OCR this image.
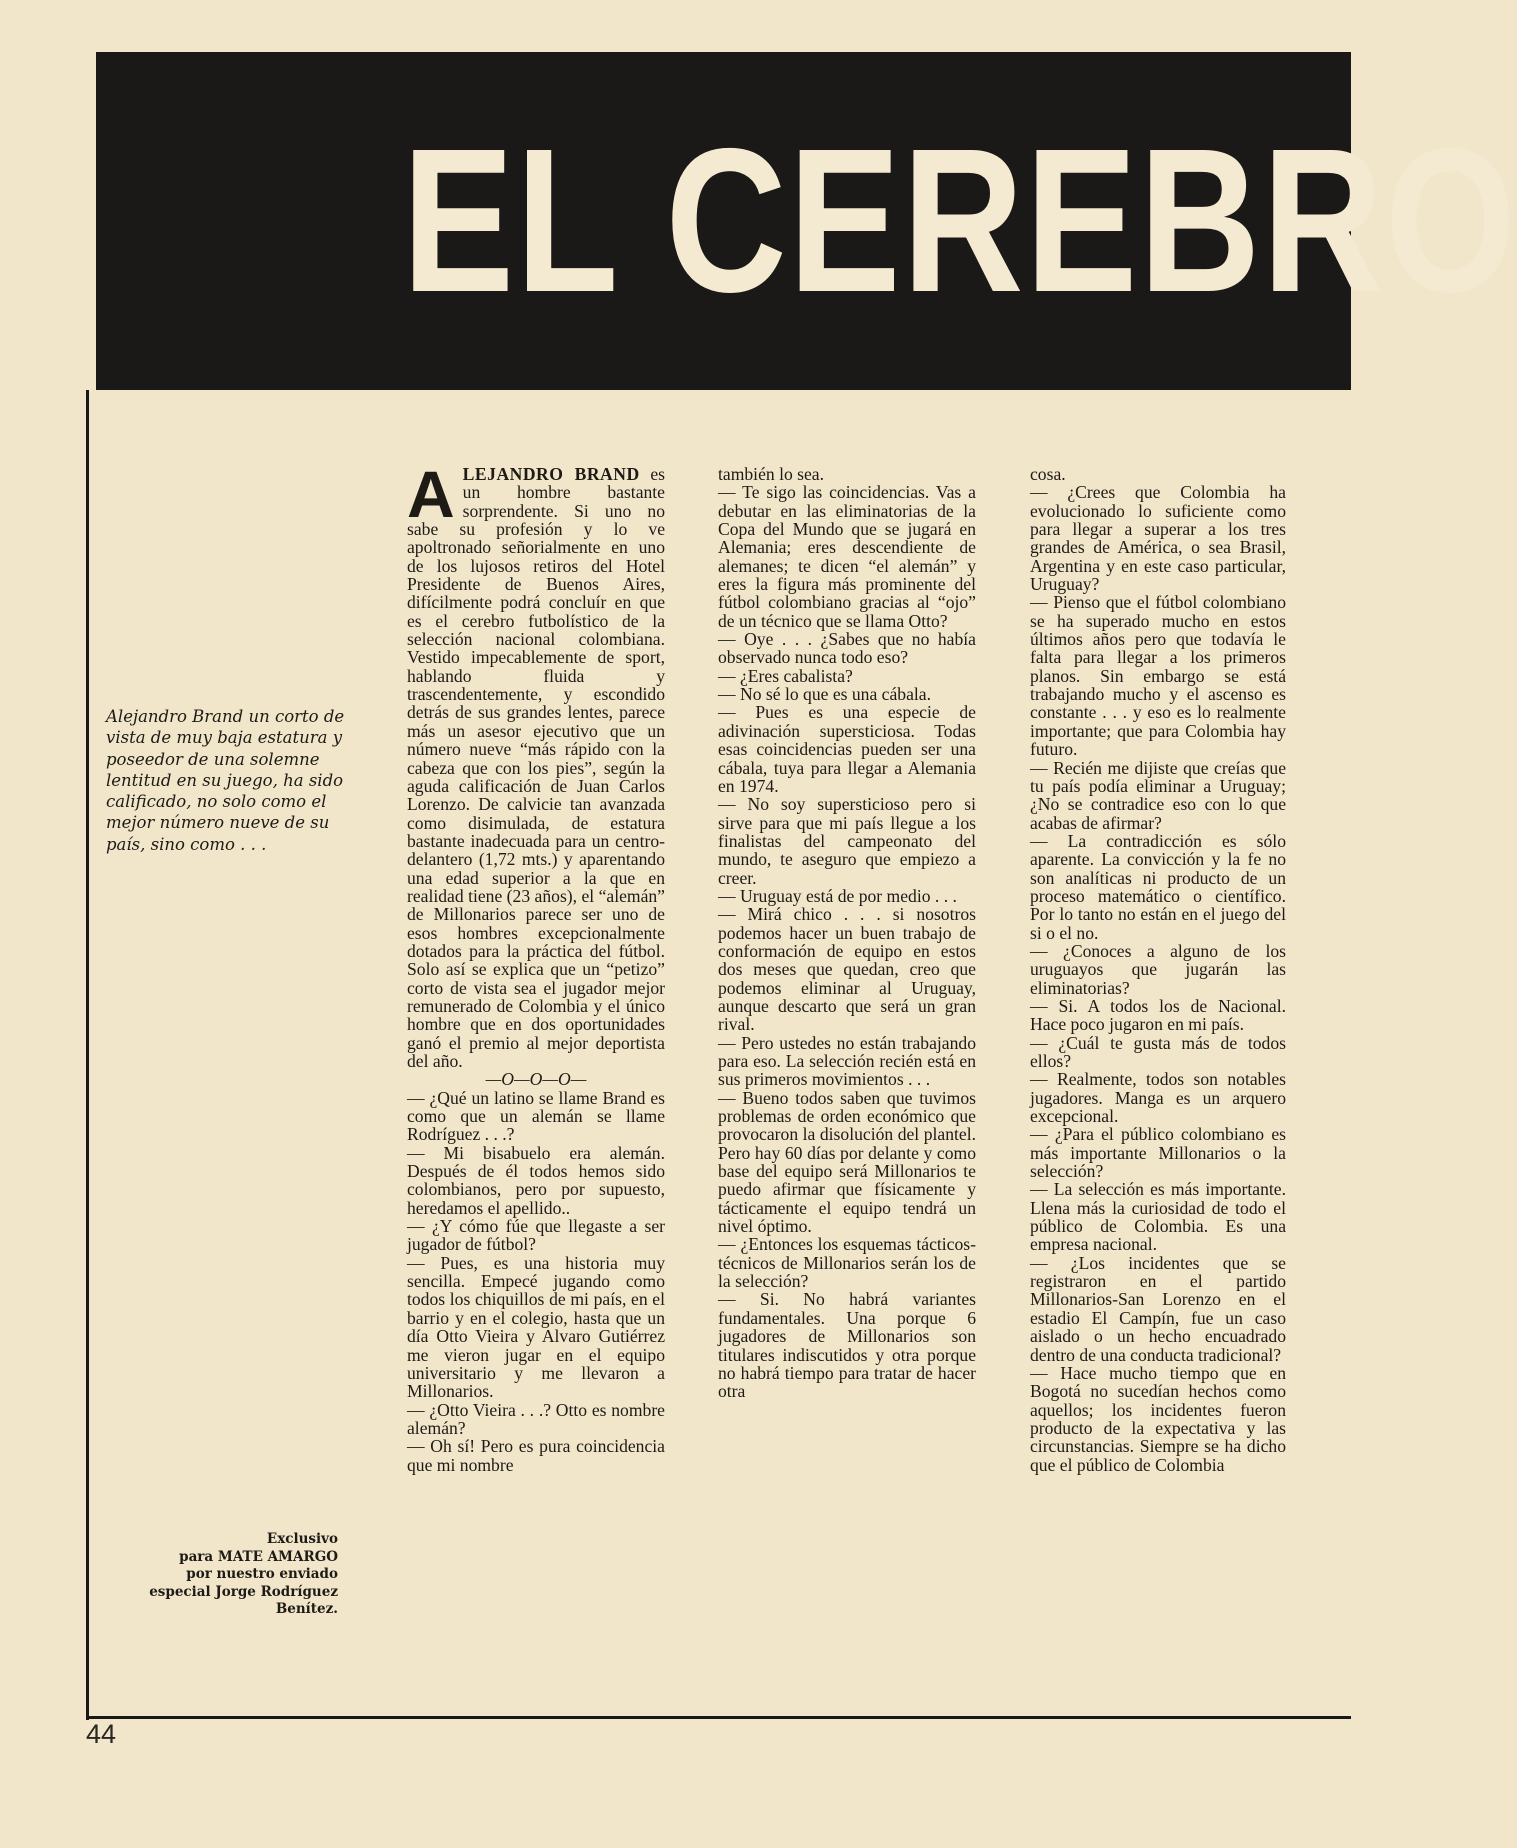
EL CEREBRO
Alejandro Brand un corto de vista de muy baja estatura y poseedor de una solemne lentitud en su juego, ha sido calificado, no solo como el mejor número nueve de su país, sino como . . .
Exclusivo
para MATE AMARGO
por nuestro enviado
especial Jorge Rodríguez
Benítez.

ALEJANDRO BRAND es un hombre bastante sorprendente. Si uno no sabe su profesión y lo ve apoltronado señorialmente en uno de los lujosos retiros del Hotel Presidente de Buenos Aires, difícilmente podrá concluír en que es el cerebro futbolístico de la selección nacional colombiana. Vestido impecablemente de sport, hablando fluida y trascendentemente, y escondido detrás de sus grandes lentes, parece más un asesor ejecutivo que un número nueve “más rápido con la cabeza que con los pies”, según la aguda calificación de Juan Carlos Lorenzo. De calvicie tan avanzada como disimulada, de estatura bastante inadecuada para un centro-delantero (1,72 mts.) y aparentando una edad superior a la que en realidad tiene (23 años), el “alemán” de Millonarios parece ser uno de esos hombres excepcionalmente dotados para la práctica del fútbol. Solo así se explica que un “petizo” corto de vista sea el jugador mejor remunerado de Colombia y el único hombre que en dos oportunidades ganó el premio al mejor deportista del año.

—O—O—O—

— ¿Qué un latino se llame Brand es como que un alemán se llame Rodríguez . . .?

— Mi bisabuelo era alemán. Después de él todos hemos sido colombianos, pero por supuesto, heredamos el apellido..

— ¿Y cómo fúe que llegaste a ser jugador de fútbol?

— Pues, es una historia muy sencilla. Empecé jugando como todos los chiquillos de mi país, en el barrio y en el colegio, hasta que un día Otto Vieira y Alvaro Gutiérrez me vieron jugar en el equipo universitario y me llevaron a Millonarios.

— ¿Otto Vieira . . .? Otto es nombre alemán?

— Oh sí! Pero es pura coincidencia que mi nombre

también lo sea.

— Te sigo las coincidencias. Vas a debutar en las eliminatorias de la Copa del Mundo que se jugará en Alemania; eres descendiente de alemanes; te dicen “el alemán” y eres la figura más prominente del fútbol colombiano gracias al “ojo” de un técnico que se llama Otto?

— Oye . . . ¿Sabes que no había observado nunca todo eso?

— ¿Eres cabalista?

— No sé lo que es una cábala.

— Pues es una especie de adivinación supersticiosa. Todas esas coincidencias pueden ser una cábala, tuya para llegar a Alemania en 1974.

— No soy supersticioso pero si sirve para que mi país llegue a los finalistas del campeonato del mundo, te aseguro que empiezo a creer.

— Uruguay está de por medio . . .

— Mirá chico . . . si nosotros podemos hacer un buen trabajo de conformación de equipo en estos dos meses que quedan, creo que podemos eliminar al Uruguay, aunque descarto que será un gran rival.

— Pero ustedes no están trabajando para eso. La selección recién está en sus primeros movimientos . . .

— Bueno todos saben que tuvimos problemas de orden económico que provocaron la disolución del plantel. Pero hay 60 días por delante y como base del equipo será Millonarios te puedo afirmar que físicamente y tácticamente el equipo tendrá un nivel óptimo.

— ¿Entonces los esquemas tácticos-técnicos de Millonarios serán los de la selección?

— Si. No habrá variantes fundamentales. Una porque 6 jugadores de Millonarios son titulares indiscutidos y otra porque no habrá tiempo para tratar de hacer otra

cosa.

— ¿Crees que Colombia ha evolucionado lo suficiente como para llegar a superar a los tres grandes de América, o sea Brasil, Argentina y en este caso particular, Uruguay?

— Pienso que el fútbol colombiano se ha superado mucho en estos últimos años pero que todavía le falta para llegar a los primeros planos. Sin embargo se está trabajando mucho y el ascenso es constante . . . y eso es lo realmente importante; que para Colombia hay futuro.

— Recién me dijiste que creías que tu país podía eliminar a Uruguay; ¿No se contradice eso con lo que acabas de afirmar?

— La contradicción es sólo aparente. La convicción y la fe no son analíticas ni producto de un proceso matemático o científico. Por lo tanto no están en el juego del si o el no.

— ¿Conoces a alguno de los uruguayos que jugarán las eliminatorias?

— Si. A todos los de Nacional. Hace poco jugaron en mi país.

— ¿Cuál te gusta más de todos ellos?

— Realmente, todos son notables jugadores. Manga es un arquero excepcional.

— ¿Para el público colombiano es más importante Millonarios o la selección?

— La selección es más importante. Llena más la curiosidad de todo el público de Colombia. Es una empresa nacional.

— ¿Los incidentes que se registraron en el partido Millonarios-San Lorenzo en el estadio El Campín, fue un caso aislado o un hecho encuadrado dentro de una conducta tradicional?

— Hace mucho tiempo que en Bogotá no sucedían hechos como aquellos; los incidentes fueron producto de la expectativa y las circunstancias. Siempre se ha dicho que el público de Colombia

44
